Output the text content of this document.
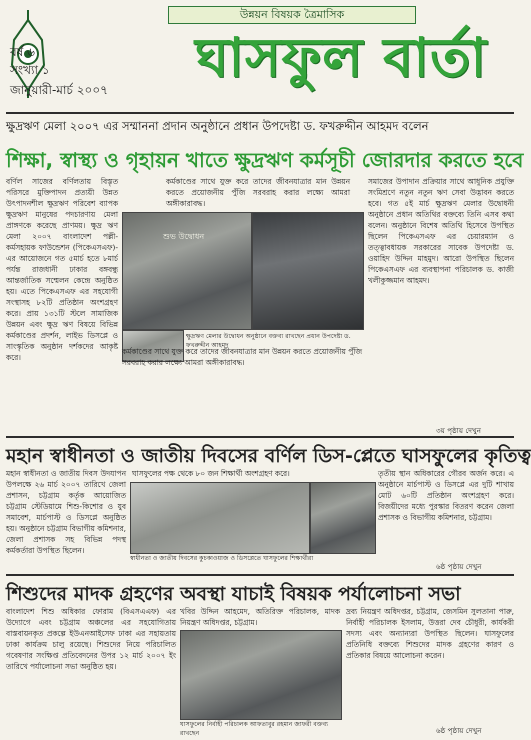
উন্নয়ন বিষয়ক ত্রৈমাসিক
ঘাসফুল বার্তা
বর্ষ ৬
সংখ্যা ১
জানুয়ারী-মার্চ ২০০৭
ক্ষুদ্রঋণ মেলা ২০০৭ এর সম্মাননা প্রদান অনুষ্ঠানে প্রধান উপদেষ্টা ড. ফখরুদ্দীন আহমদ বলেন
শিক্ষা, স্বাস্থ্য ও গৃহায়ন খাতে ক্ষুদ্রঋণ কর্মসূচী জোরদার করতে হবে
বর্ণিল সাজের বর্ণিলতায় বিস্তৃত পরিসরে মুক্তিপাদন প্রত্যয়ী উন্নত উৎপাদনশীল ক্ষুদ্রঋণ পরিবেশ ব্যাপক ক্ষুদ্রঋণ মানুষের পদচারণায় মেলা প্রাঙ্গণকে করেছে প্রাণময়। ক্ষুদ্র ঋণ মেলা ২০০৭ বাংলাদেশ পল্লী-কর্মসহায়ক ফাউন্ডেশন (পিকেএসএফ)-এর আয়োজনে গত ৫মার্চ হতে ৮মার্চ পর্যন্ত রাজধানী ঢাকার বঙ্গবন্ধু আন্তর্জাতিক সম্মেলন কেন্দ্রে অনুষ্ঠিত হয়। এতে পিকেএসএফ এর সহযোগী সংস্থাসহ ৮২টি প্রতিষ্ঠান অংশগ্রহণ করে। প্রায় ১৩১টি স্টলে সামাজিক উন্নয়ন এবং ক্ষুদ্র ঋণ বিষয়ে বিভিন্ন কর্মকাণ্ডের প্রদর্শন, লাইভ ডিসপ্লে ও সাংস্কৃতিক অনুষ্ঠান দর্শকদের আকৃষ্ট করে।
কর্মকাণ্ডের সাথে যুক্ত করে তাদের জীবনযাত্রার মান উন্নয়ন করতে প্রয়োজনীয় পুঁজি সরবরাহ করার লক্ষ্যে আমরা অঙ্গীকারাবদ্ধ।
শুভ উদ্বোধন
ক্ষুদ্রঋণ মেলার উদ্বোধন অনুষ্ঠানে বক্তব্য রাখছেন প্রধান উপদেষ্টা ড. ফখরুদ্দীন আহমদ
কর্মকাণ্ডের সাথে যুক্ত করে তাদের জীবনযাত্রার মান উন্নয়ন করতে প্রয়োজনীয় পুঁজি সরবরাহ করার লক্ষ্যে আমরা অঙ্গীকারাবদ্ধ।
সমাজের উপাদান প্রক্রিয়ার সাথে আধুনিক প্রযুক্তি সংমিশ্রণে নতুন নতুন ঋণ সেবা উদ্ভাবন করতে হবে। গত ৫ই মার্চ ক্ষুদ্রঋণ মেলার উদ্বোধনী অনুষ্ঠানে প্রধান অতিথির বক্তব্যে তিনি এসব কথা বলেন। অনুষ্ঠানে বিশেষ অতিথি হিসেবে উপস্থিত ছিলেন পিকেএসএফ এর চেয়ারম্যান ও তত্ত্বাবধায়ক সরকারের সাবেক উপদেষ্টা ড. ওয়াহিদ উদ্দিন মাহমুদ। আরো উপস্থিত ছিলেন পিকেএসএফ এর ব্যবস্থাপনা পরিচালক ড. কাজী খলীকুজ্জমান আহমদ।
৩য় পৃষ্ঠায় দেখুন
মহান স্বাধীনতা ও জাতীয় দিবসের বর্ণিল ডিস-প্লেতে ঘাসফুলের কৃতিত্ব
মহান স্বাধীনতা ও জাতীয় দিবস উদযাপন উপলক্ষে ২৬ মার্চ ২০০৭ তারিখে জেলা প্রশাসন, চট্টগ্রাম কর্তৃক আয়োজিত চট্টগ্রাম স্টেডিয়ামে শিশু-কিশোর ও যুব সমাবেশ, মার্চপাস্ট ও ডিসপ্লে অনুষ্ঠিত হয়। অনুষ্ঠানে চট্টগ্রাম বিভাগীয় কমিশনার, জেলা প্রশাসক সহ বিভিন্ন পদস্থ কর্মকর্তারা উপস্থিত ছিলেন।
ঘাসফুলের পক্ষ থেকে ৮০ জন শিক্ষার্থী অংশগ্রহণ করে।
স্বাধীনতা ও জাতীয় দিবসের কুচকাওয়াজ ও ডিসপ্লেতে ঘাসফুলের শিক্ষার্থীরা
তৃতীয় স্থান অধিকারের গৌরব অর্জন করে। এ অনুষ্ঠানে মার্চপাস্ট ও ডিসপ্লে এর দুটি শাখায় মোট ৬০টি প্রতিষ্ঠান অংশগ্রহণ করে। বিজয়ীদের মধ্যে পুরস্কার বিতরণ করেন জেলা প্রশাসক ও বিভাগীয় কমিশনার, চট্টগ্রাম।
৬ষ্ঠ পৃষ্ঠায় দেখুন
শিশুদের মাদক গ্রহণের অবস্থা যাচাই বিষয়ক পর্যালোচনা সভা
বাংলাদেশ শিশু অধিকার ফোরাম (বিএসএএফ) এর উদ্যোগে এবং চট্টগ্রাম অঞ্চলের এর সহযোগিতায় বাস্তবায়নকৃত প্রকল্পে ইউএনআইসেফ ঢাকা এর সহায়তায় ঢাকা কার্যক্রম চালু রয়েছে। শিশুদের নিয়ে পরিচালিত গবেষণার সংক্ষিপ্ত প্রতিবেদনের উপর ১২ মার্চ ২০০৭ ইং তারিখে পর্যালোচনা সভা অনুষ্ঠিত হয়।
খবির উদ্দিন আহমেদ, অতিরিক্ত পরিচালক, মাদক নিয়ন্ত্রণ অধিদপ্তর, চট্টগ্রাম।
ঘাসফুলের নির্বাহী পরিচালক আফতাবুর রহমান জাফরী বক্তব্য রাখছেন
দ্রব্য নিয়ন্ত্রণ অধিদপ্তর, চট্টগ্রাম, জেসমিন সুলতানা পারু, নির্বাহী পরিচালক ইসলাম, উত্তরা দেব চৌধুরী, কার্যকরী সদস্য এবং অন্যান্যরা উপস্থিত ছিলেন। ঘাসফুলের প্রতিনিধি বক্তব্যে শিশুদের মাদক গ্রহণের কারণ ও প্রতিকার বিষয়ে আলোচনা করেন।
৬ষ্ঠ পৃষ্ঠায় দেখুন
